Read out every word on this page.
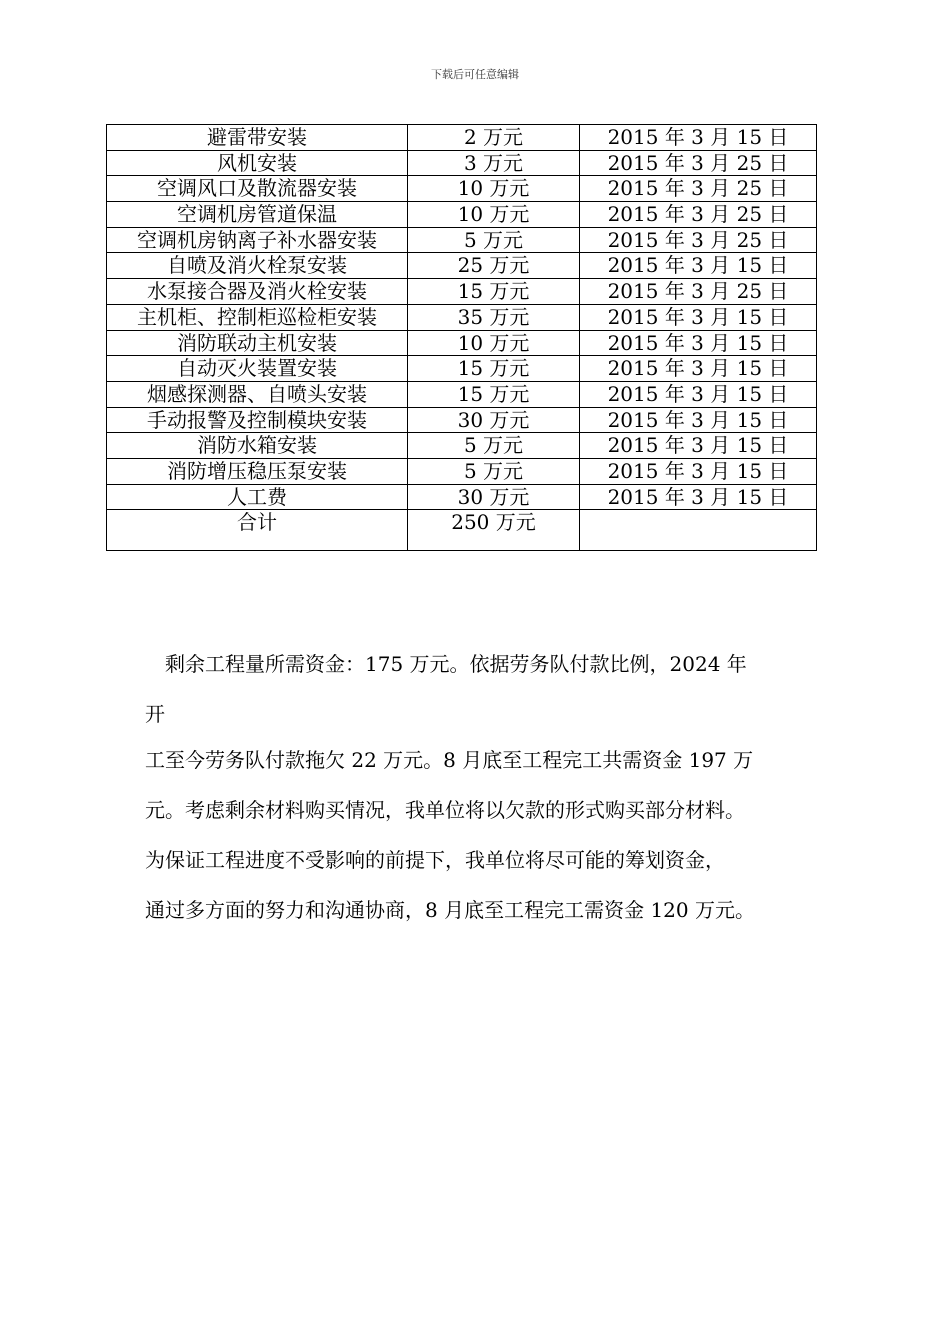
下载后可任意编辑
避雷带安装	2 万元	2015 年 3 月 15 日
风机安装	3 万元	2015 年 3 月 25 日
空调风口及散流器安装	10 万元	2015 年 3 月 25 日
空调机房管道保温	10 万元	2015 年 3 月 25 日
空调机房钠离子补水器安装	5 万元	2015 年 3 月 25 日
自喷及消火栓泵安装	25 万元	2015 年 3 月 15 日
水泵接合器及消火栓安装	15 万元	2015 年 3 月 25 日
主机柜、控制柜巡检柜安装	35 万元	2015 年 3 月 15 日
消防联动主机安装	10 万元	2015 年 3 月 15 日
自动灭火装置安装	15 万元	2015 年 3 月 15 日
烟感探测器、自喷头安装	15 万元	2015 年 3 月 15 日
手动报警及控制模块安装	30 万元	2015 年 3 月 15 日
消防水箱安装	5 万元	2015 年 3 月 15 日
消防增压稳压泵安装	5 万元	2015 年 3 月 15 日
人工费	30 万元	2015 年 3 月 15 日
合计	250 万元	
剩余工程量所需资金：175 万元。依据劳务队付款比例，2024 年
开
工至今劳务队付款拖欠 22 万元。8 月底至工程完工共需资金 197 万
元。考虑剩余材料购买情况，我单位将以欠款的形式购买部分材料。
为保证工程进度不受影响的前提下，我单位将尽可能的筹划资金，
通过多方面的努力和沟通协商，8 月底至工程完工需资金 120 万元。
